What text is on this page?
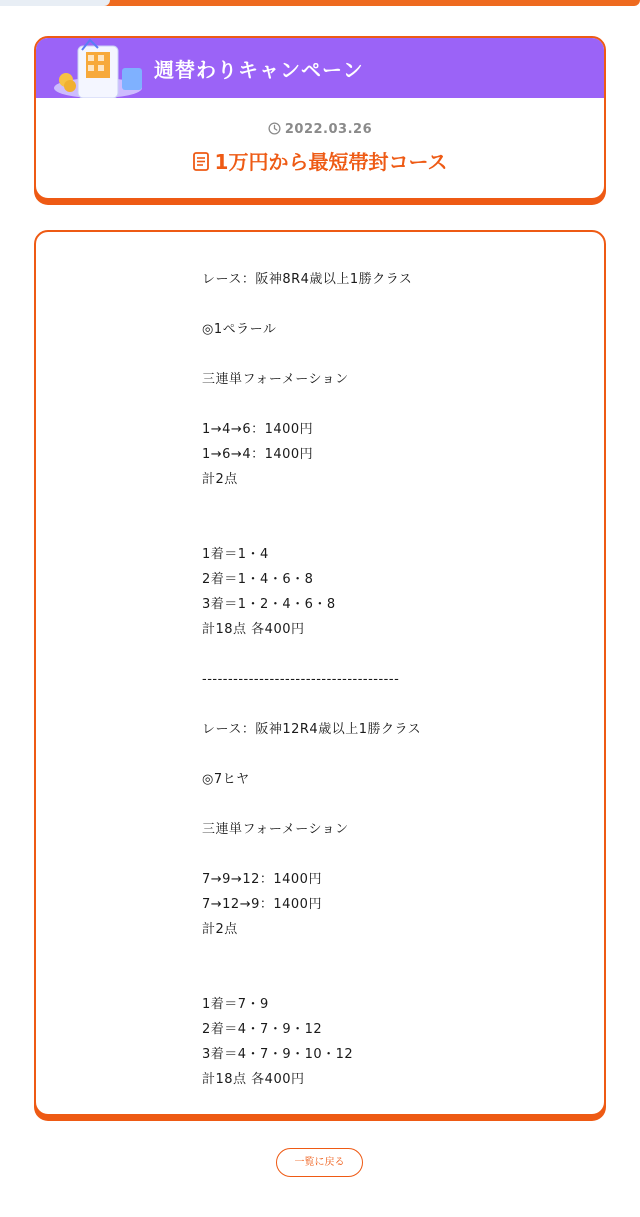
週替わりキャンペーン
2022.03.26
1万円から最短帯封コース
レース：阪神8R4歳以上1勝クラス
◎1ペラール
三連単フォーメーション
1→4→6：1400円
1→6→4：1400円
計2点
1着＝1・4
2着＝1・4・6・8
3着＝1・2・4・6・8
計18点 各400円
--------------------------------------
レース：阪神12R4歳以上1勝クラス
◎7ヒヤ
三連単フォーメーション
7→9→12：1400円
7→12→9：1400円
計2点
1着＝7・9
2着＝4・7・9・12
3着＝4・7・9・10・12
計18点 各400円
一覧に戻る
